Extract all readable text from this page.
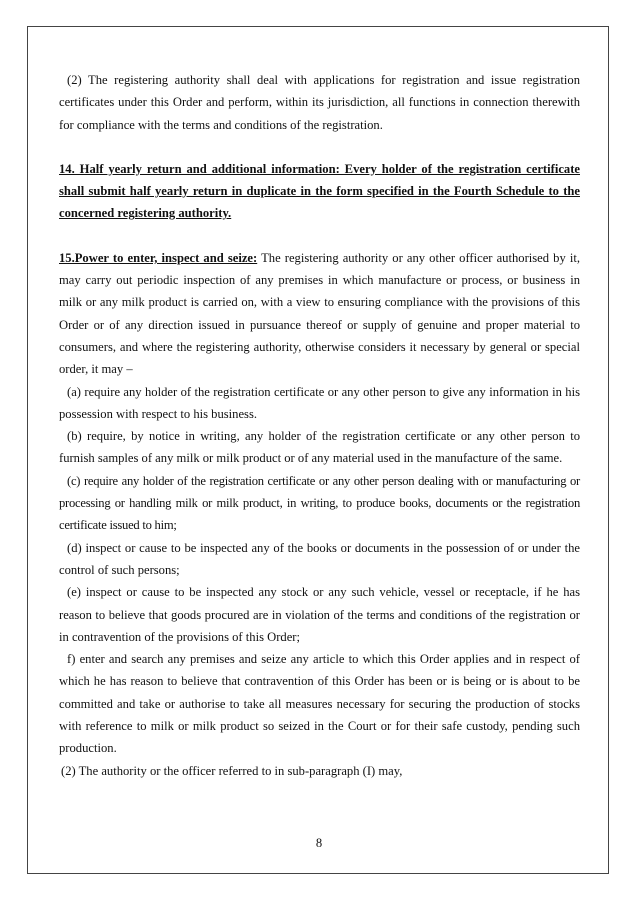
(2) The registering authority shall deal with applications for registration and issue registration certificates under this Order and perform, within its jurisdiction, all functions in connection therewith for compliance with the terms and conditions of the registration.

14. Half yearly return and additional information: Every holder of the registration certificate shall submit half yearly return in duplicate in the form specified in the Fourth Schedule to the concerned registering authority.

15.Power to enter, inspect and seize: The registering authority or any other officer authorised by it, may carry out periodic inspection of any premises in which manufacture or process, or business in milk or any milk product is carried on, with a view to ensuring compliance with the provisions of this Order or of any direction issued in pursuance thereof or supply of genuine and proper material to consumers, and where the registering authority, otherwise considers it necessary by general or special order, it may –

(a) require any holder of the registration certificate or any other person to give any information in his possession with respect to his business.

(b) require, by notice in writing, any holder of the registration certificate or any other person to furnish samples of any milk or milk product or of any material used in the manufacture of the same.

(c) require any holder of the registration certificate or any other person dealing with or manufacturing or processing or handling milk or milk product, in writing, to produce books, documents or the registration certificate issued to him;

(d) inspect or cause to be inspected any of the books or documents in the possession of or under the control of such persons;

(e) inspect or cause to be inspected any stock or any such vehicle, vessel or receptacle, if he has reason to believe that goods procured are in violation of the terms and conditions of the registration or in contravention of the provisions of this Order;

f) enter and search any premises and seize any article to which this Order applies and in respect of which he has reason to believe that contravention of this Order has been or is being or is about to be committed and take or authorise to take all measures necessary for securing the production of stocks with reference to milk or milk product so seized in the Court or for their safe custody, pending such production.

(2) The authority or the officer referred to in sub-paragraph (I) may,

8
